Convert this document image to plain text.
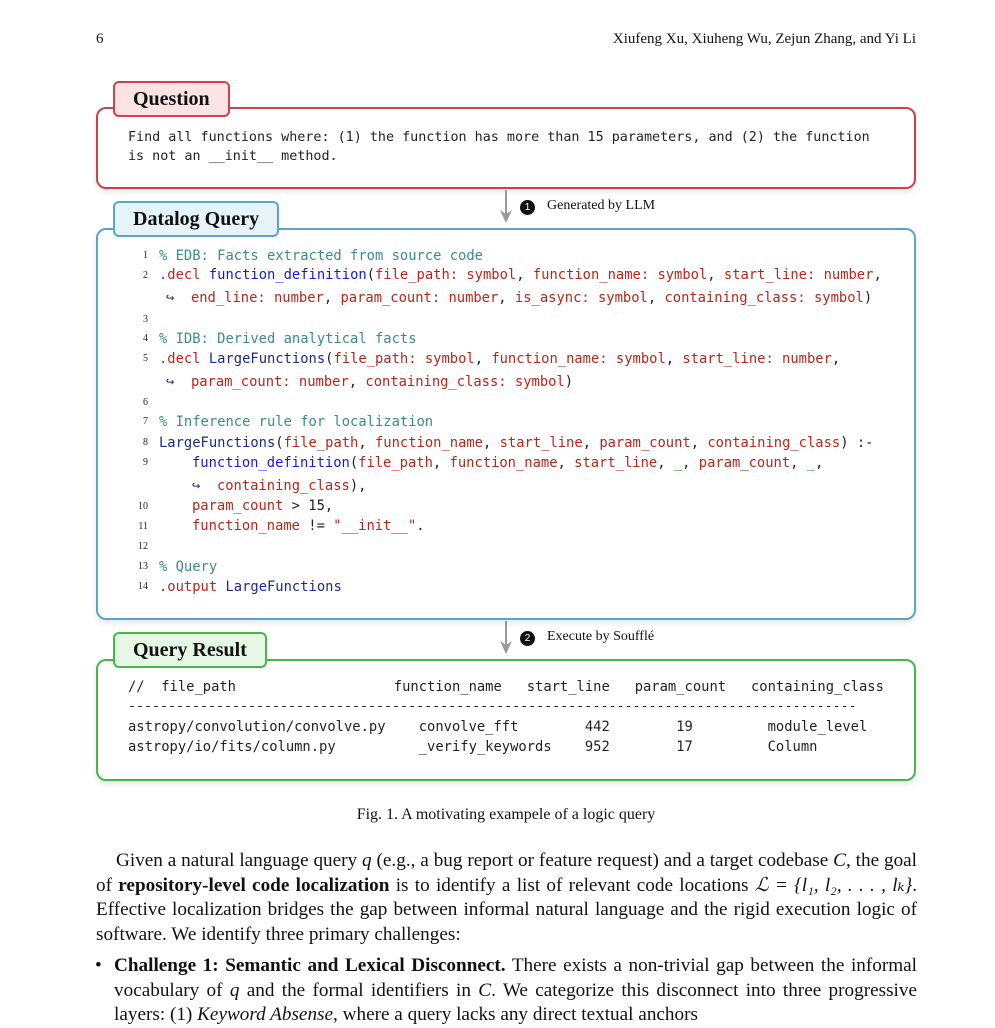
6	Xiufeng Xu, Xiuheng Wu, Zejun Zhang, and Yi Li
Question
Find all functions where: (1) the function has more than 15 parameters, and (2) the function
is not an __init__ method.
1	Generated by LLM
Datalog Query
1
2
3
4
5
6
7
8
9
10
11
12
13
14
% EDB: Facts extracted from source code
.decl function_definition(file_path: symbol, function_name: symbol, start_line: number,
↪ end_line: number, param_count: number, is_async: symbol, containing_class: symbol)
% IDB: Derived analytical facts
.decl LargeFunctions(file_path: symbol, function_name: symbol, start_line: number,
↪ param_count: number, containing_class: symbol)
% Inference rule for localization
LargeFunctions(file_path, function_name, start_line, param_count, containing_class) :-
function_definition(file_path, function_name, start_line, _, param_count, _,
↪ containing_class),
param_count > 15,
function_name != "__init__".
% Query
.output LargeFunctions
2	Execute by Soufflé
Query Result
//  file_path                   function_name   start_line   param_count   containing_class
-------------------------------------------------------------------------------------------
astropy/convolution/convolve.py    convolve_fft        442        19         module_level
astropy/io/fits/column.py          _verify_keywords    952        17         Column
Fig. 1. A motivating exampele of a logic query
Given a natural language query q (e.g., a bug report or feature request) and a target codebase C, the goal of repository-level code localization is to identify a list of relevant code locations ℒ = {l₁, l₂, . . . , lₖ}. Effective localization bridges the gap between informal natural language and the rigid execution logic of software. We identify three primary challenges:
• Challenge 1: Semantic and Lexical Disconnect. There exists a non-trivial gap between the informal vocabulary of q and the formal identifiers in C. We categorize this disconnect into three progressive layers: (1) Keyword Absense, where a query lacks any direct textual anchors
